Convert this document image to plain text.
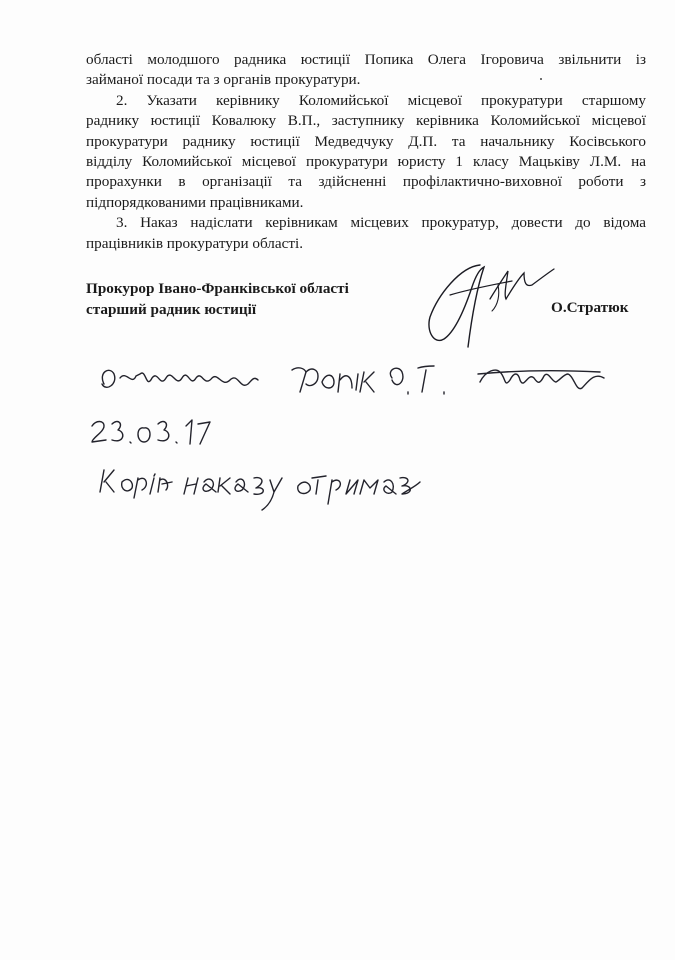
області молодшого радника юстиції Попика Олега Ігоровича звільнити із
займаної посади та з органів прокуратури.

2. Указати керівнику Коломийської місцевої прокуратури старшому
раднику юстиції Ковалюку В.П., заступнику керівника Коломийської місцевої
прокуратури раднику юстиції Медведчуку Д.П. та начальнику Косівського
відділу Коломийської місцевої прокуратури юристу 1 класу Мацьківу Л.М. на
прорахунки в організації та здійсненні профілактично-виховної роботи з
підпорядкованими працівниками.

3. Наказ надіслати керівникам місцевих прокуратур, довести до відома
працівників прокуратури області.

Прокурор Івано-Франківської області
старший радник юстиції	О.Стратюк
